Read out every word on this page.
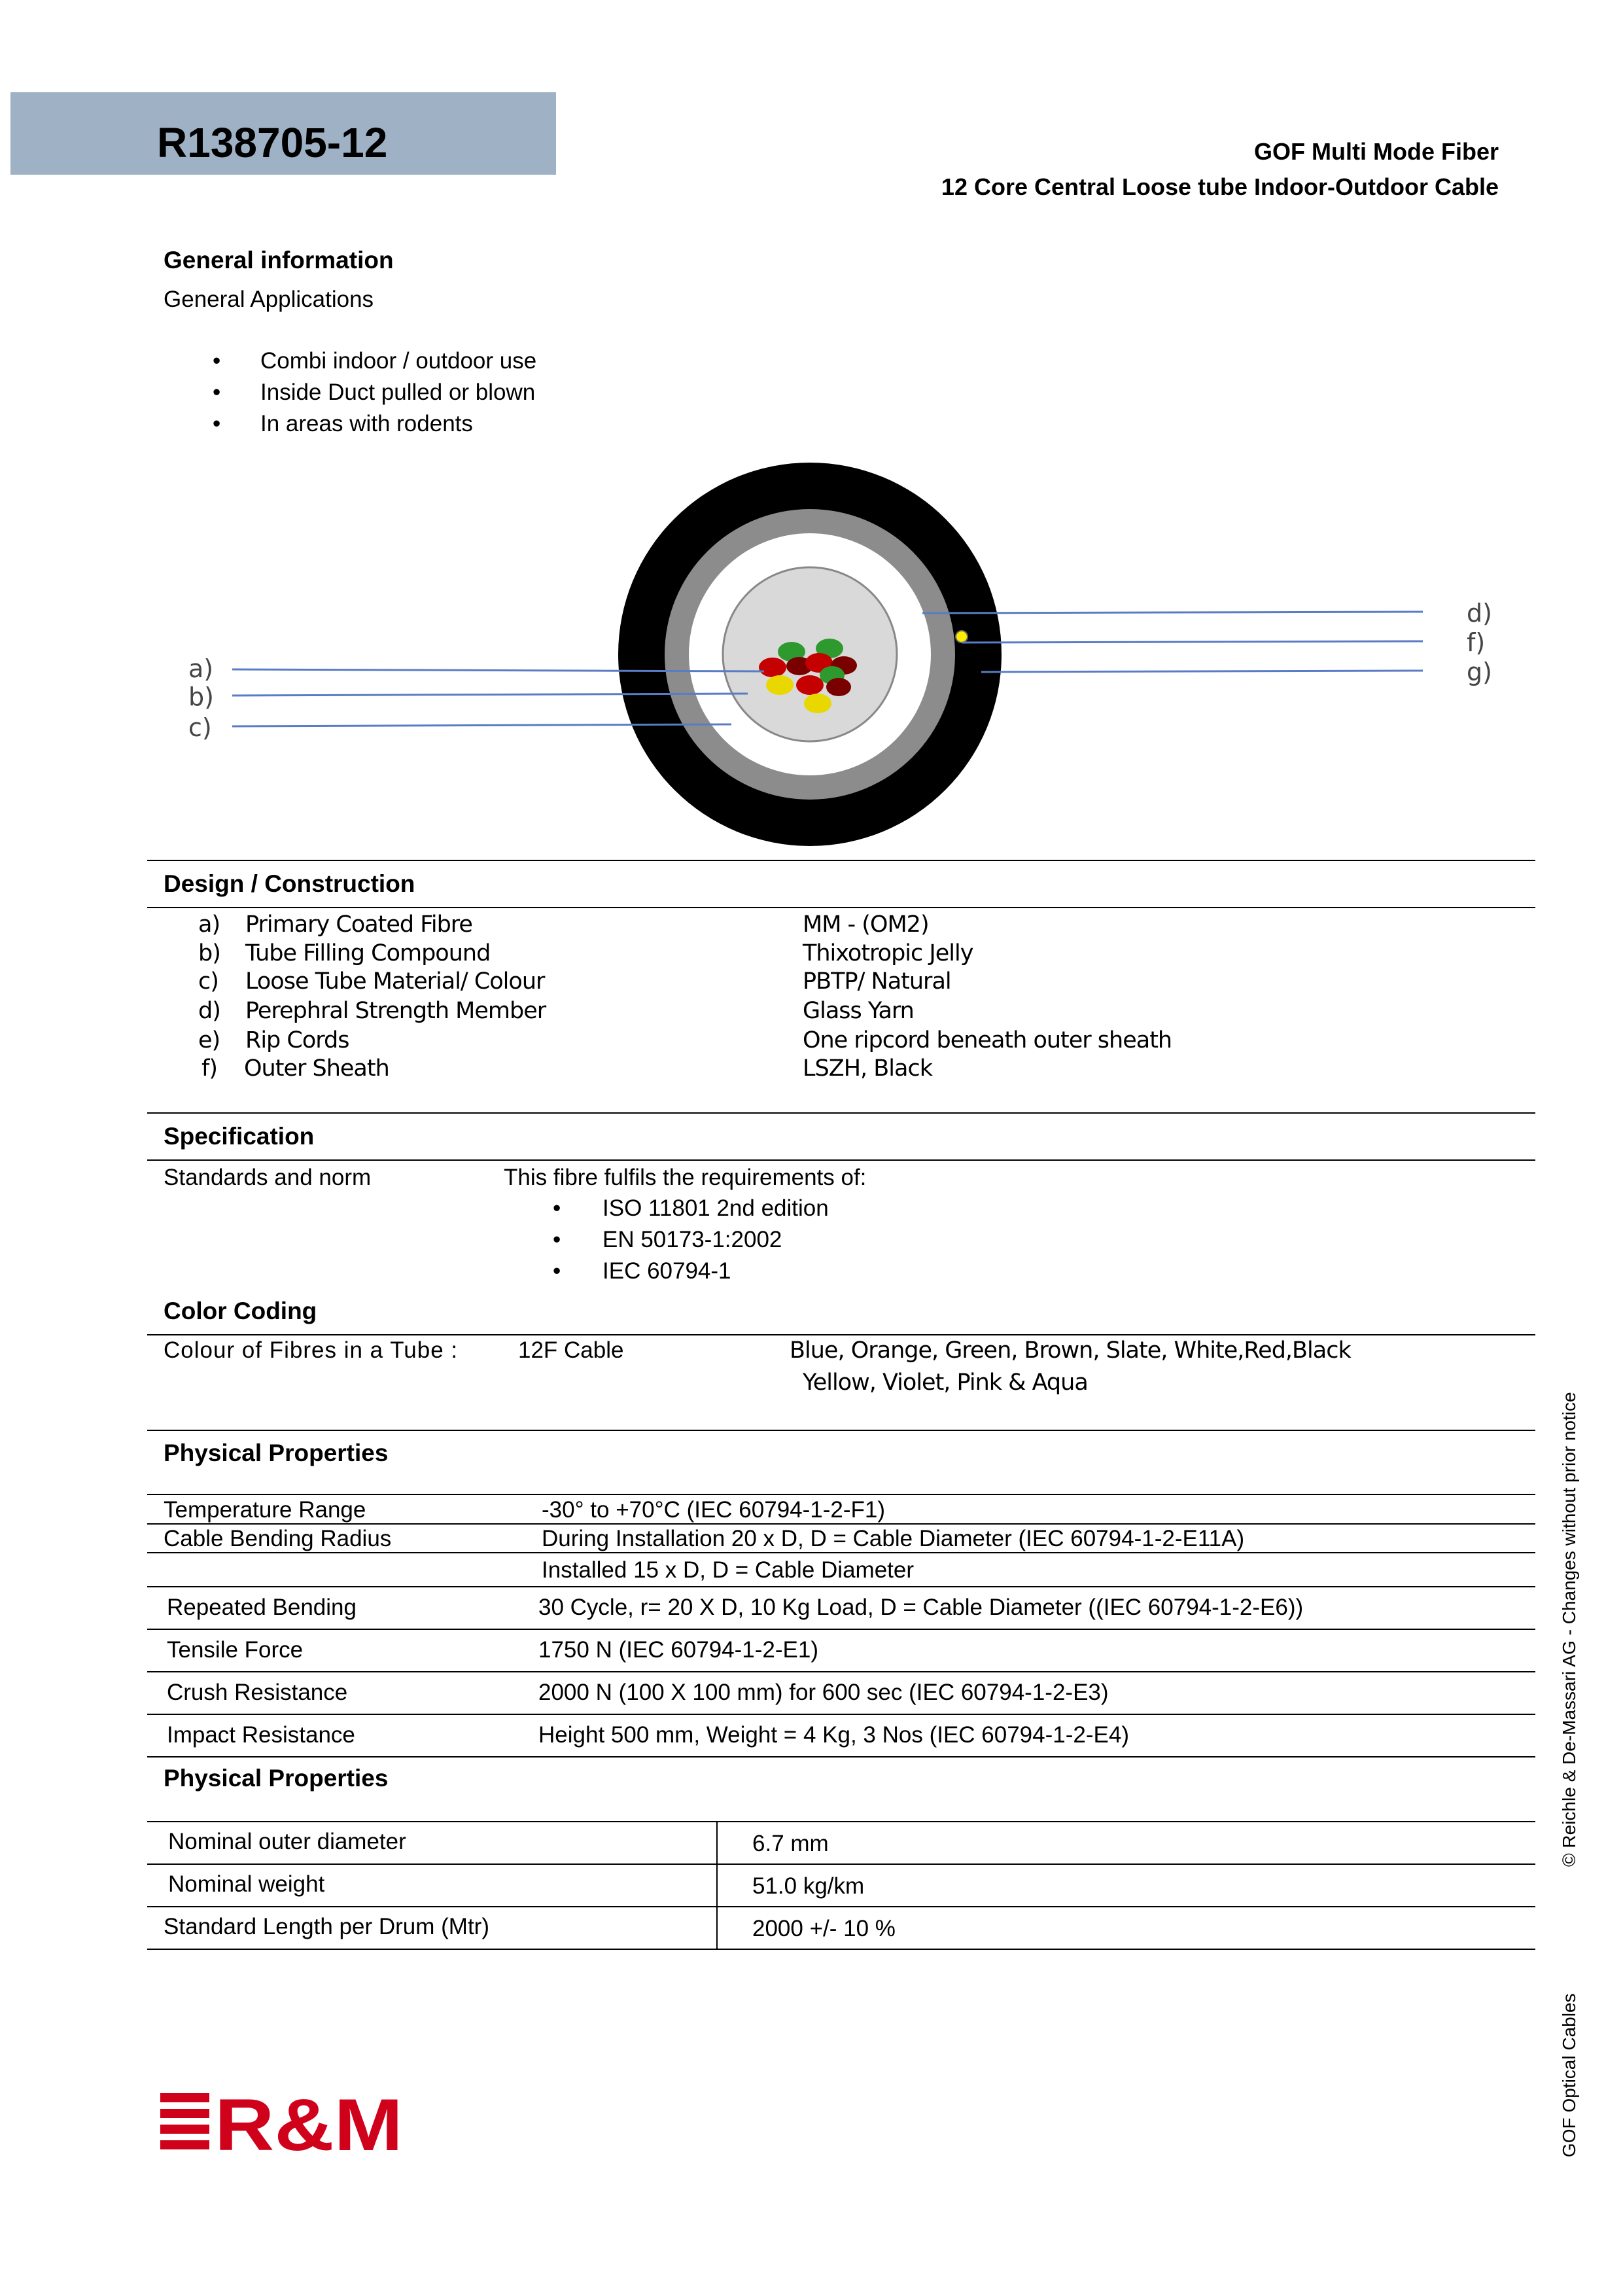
R138705-12	GOF Multi Mode Fiber
12 Core Central Loose tube Indoor-Outdoor Cable
General information
General Applications
• Combi indoor / outdoor use
• Inside Duct pulled or blown
• In areas with rodents
a)
b)
c)
d)
f)
g)
Design / Construction
a) Primary Coated Fibre	MM - (OM2)
b) Tube Filling Compound	Thixotropic Jelly
c) Loose Tube Material/ Colour	PBTP/ Natural
d) Perephral Strength Member	Glass Yarn
e) Rip Cords	One ripcord beneath outer sheath
f) Outer Sheath	LSZH, Black
Specification
Standards and norm	This fibre fulfils the requirements of:
• ISO 11801 2nd edition
• EN 50173-1:2002
• IEC 60794-1
Color Coding
Colour of Fibres in a Tube :	12F Cable	Blue, Orange, Green, Brown, Slate, White,Red,Black
Yellow, Violet, Pink & Aqua
Physical Properties
Temperature Range	-30° to +70°C (IEC 60794-1-2-F1)
Cable Bending Radius	During Installation 20 x D, D = Cable Diameter (IEC 60794-1-2-E11A)
Installed 15 x D, D = Cable Diameter
Repeated Bending	30 Cycle, r= 20 X D, 10 Kg Load, D = Cable Diameter ((IEC 60794-1-2-E6))
Tensile Force	1750 N (IEC 60794-1-2-E1)
Crush Resistance	2000 N (100 X 100 mm) for 600 sec (IEC 60794-1-2-E3)
Impact Resistance	Height 500 mm, Weight = 4 Kg, 3 Nos (IEC 60794-1-2-E4)
Physical Properties
Nominal outer diameter	6.7 mm
Nominal weight	51.0 kg/km
Standard Length per Drum (Mtr)	2000 +/- 10 %
© Reichle & De-Massari AG - Changes without prior notice
GOF Optical Cables
R&M
